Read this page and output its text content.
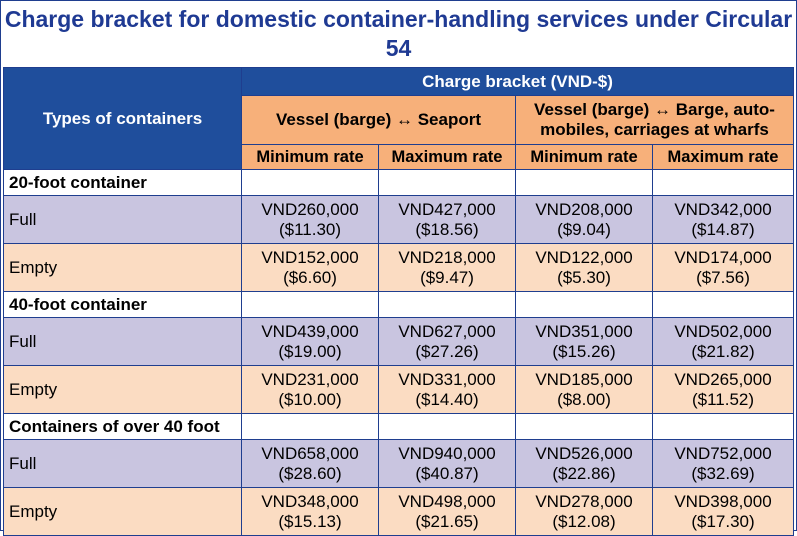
Charge bracket for domestic container-handling services under Circular 54
Types of containers	Charge bracket (VND-$)			
	Vessel (barge) ↔ Seaport		Vessel (barge) ↔ Barge, auto-
mobiles, carriages at wharfs	

	Minimum rate	Maximum rate	Minimum rate	Maximum rate
20-foot container				
Full	VND260,000
($11.30)	VND427,000
($18.56)	VND208,000
($9.04)	VND342,000
($14.87)

Empty	VND152,000
($6.60)	VND218,000
($9.47)	VND122,000
($5.30)	VND174,000
($7.56)

40-foot container				
Full	VND439,000
($19.00)	VND627,000
($27.26)	VND351,000
($15.26)	VND502,000
($21.82)

Empty	VND231,000
($10.00)	VND331,000
($14.40)	VND185,000
($8.00)	VND265,000
($11.52)

Containers of over 40 foot				
Full	VND658,000
($28.60)	VND940,000
($40.87)	VND526,000
($22.86)	VND752,000
($32.69)

Empty	VND348,000
($15.13)	VND498,000
($21.65)	VND278,000
($12.08)	VND398,000
($17.30)
